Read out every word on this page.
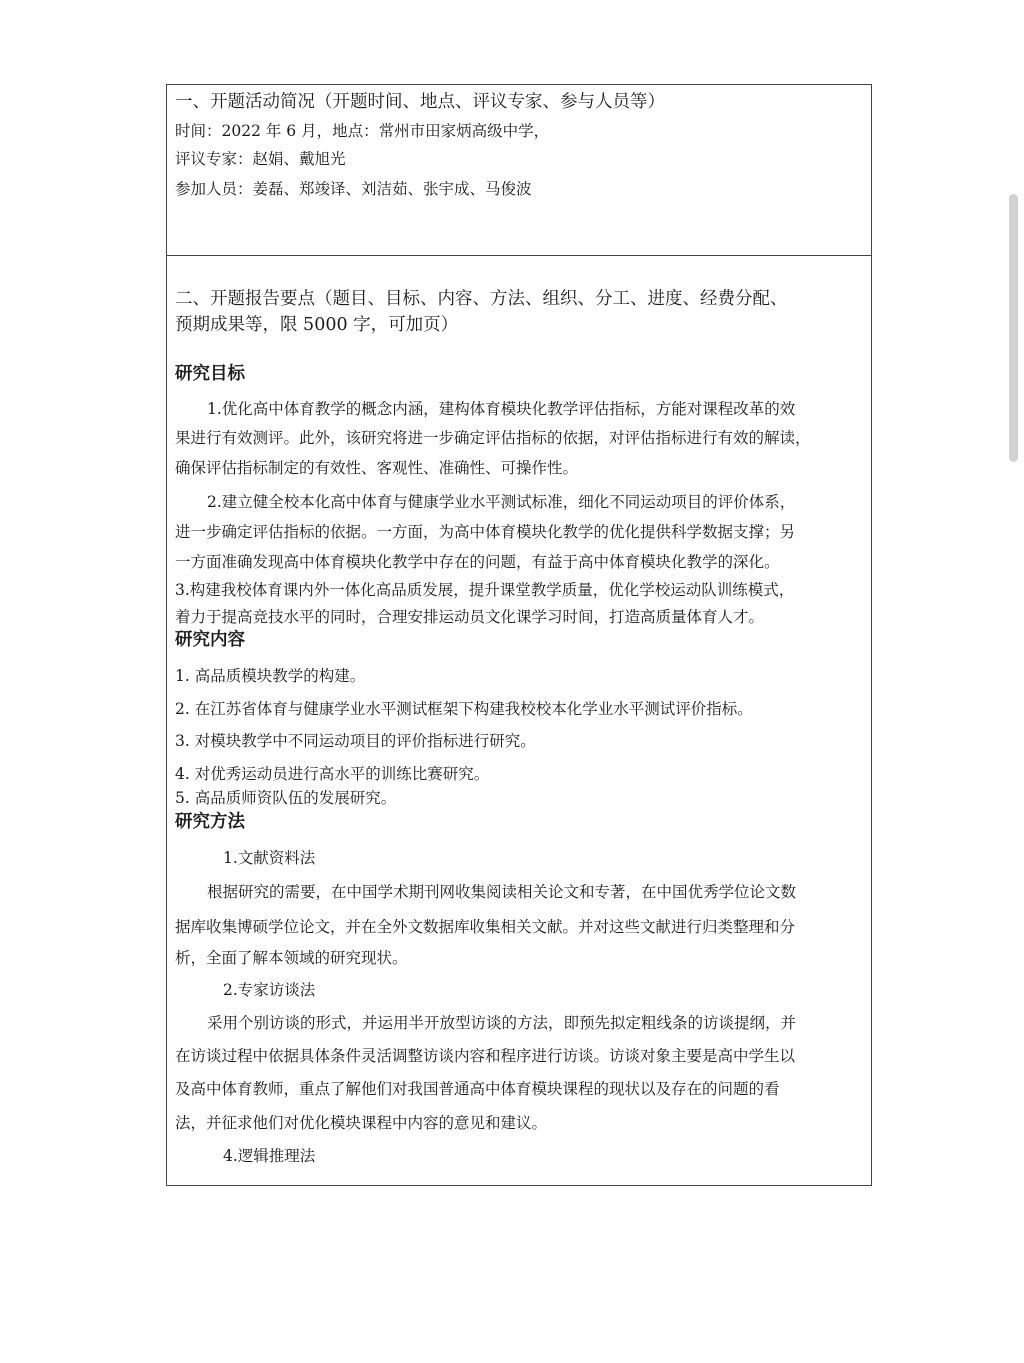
一、开题活动简况（开题时间、地点、评议专家、参与人员等）
时间：2022 年 6 月，地点：常州市田家炳高级中学，
评议专家：赵娟、戴旭光
参加人员：姜磊、郑竣译、刘洁茹、张宇成、马俊波
二、开题报告要点（题目、目标、内容、方法、组织、分工、进度、经费分配、
预期成果等，限 5000 字，可加页）
研究目标
1.优化高中体育教学的概念内涵，建构体育模块化教学评估指标，方能对课程改革的效
果进行有效测评。此外，该研究将进一步确定评估指标的依据，对评估指标进行有效的解读，
确保评估指标制定的有效性、客观性、准确性、可操作性。
2.建立健全校本化高中体育与健康学业水平测试标准，细化不同运动项目的评价体系，
进一步确定评估指标的依据。一方面，为高中体育模块化教学的优化提供科学数据支撑；另
一方面准确发现高中体育模块化教学中存在的问题，有益于高中体育模块化教学的深化。
3.构建我校体育课内外一体化高品质发展，提升课堂教学质量，优化学校运动队训练模式，
着力于提高竞技水平的同时，合理安排运动员文化课学习时间，打造高质量体育人才。
研究内容
1. 高品质模块教学的构建。
2. 在江苏省体育与健康学业水平测试框架下构建我校校本化学业水平测试评价指标。
3. 对模块教学中不同运动项目的评价指标进行研究。
4. 对优秀运动员进行高水平的训练比赛研究。
5. 高品质师资队伍的发展研究。
研究方法
1.文献资料法
根据研究的需要，在中国学术期刊网收集阅读相关论文和专著，在中国优秀学位论文数
据库收集博硕学位论文，并在全外文数据库收集相关文献。并对这些文献进行归类整理和分
析，全面了解本领域的研究现状。
2.专家访谈法
采用个别访谈的形式，并运用半开放型访谈的方法，即预先拟定粗线条的访谈提纲，并
在访谈过程中依据具体条件灵活调整访谈内容和程序进行访谈。访谈对象主要是高中学生以
及高中体育教师，重点了解他们对我国普通高中体育模块课程的现状以及存在的问题的看
法，并征求他们对优化模块课程中内容的意见和建议。
4.逻辑推理法
